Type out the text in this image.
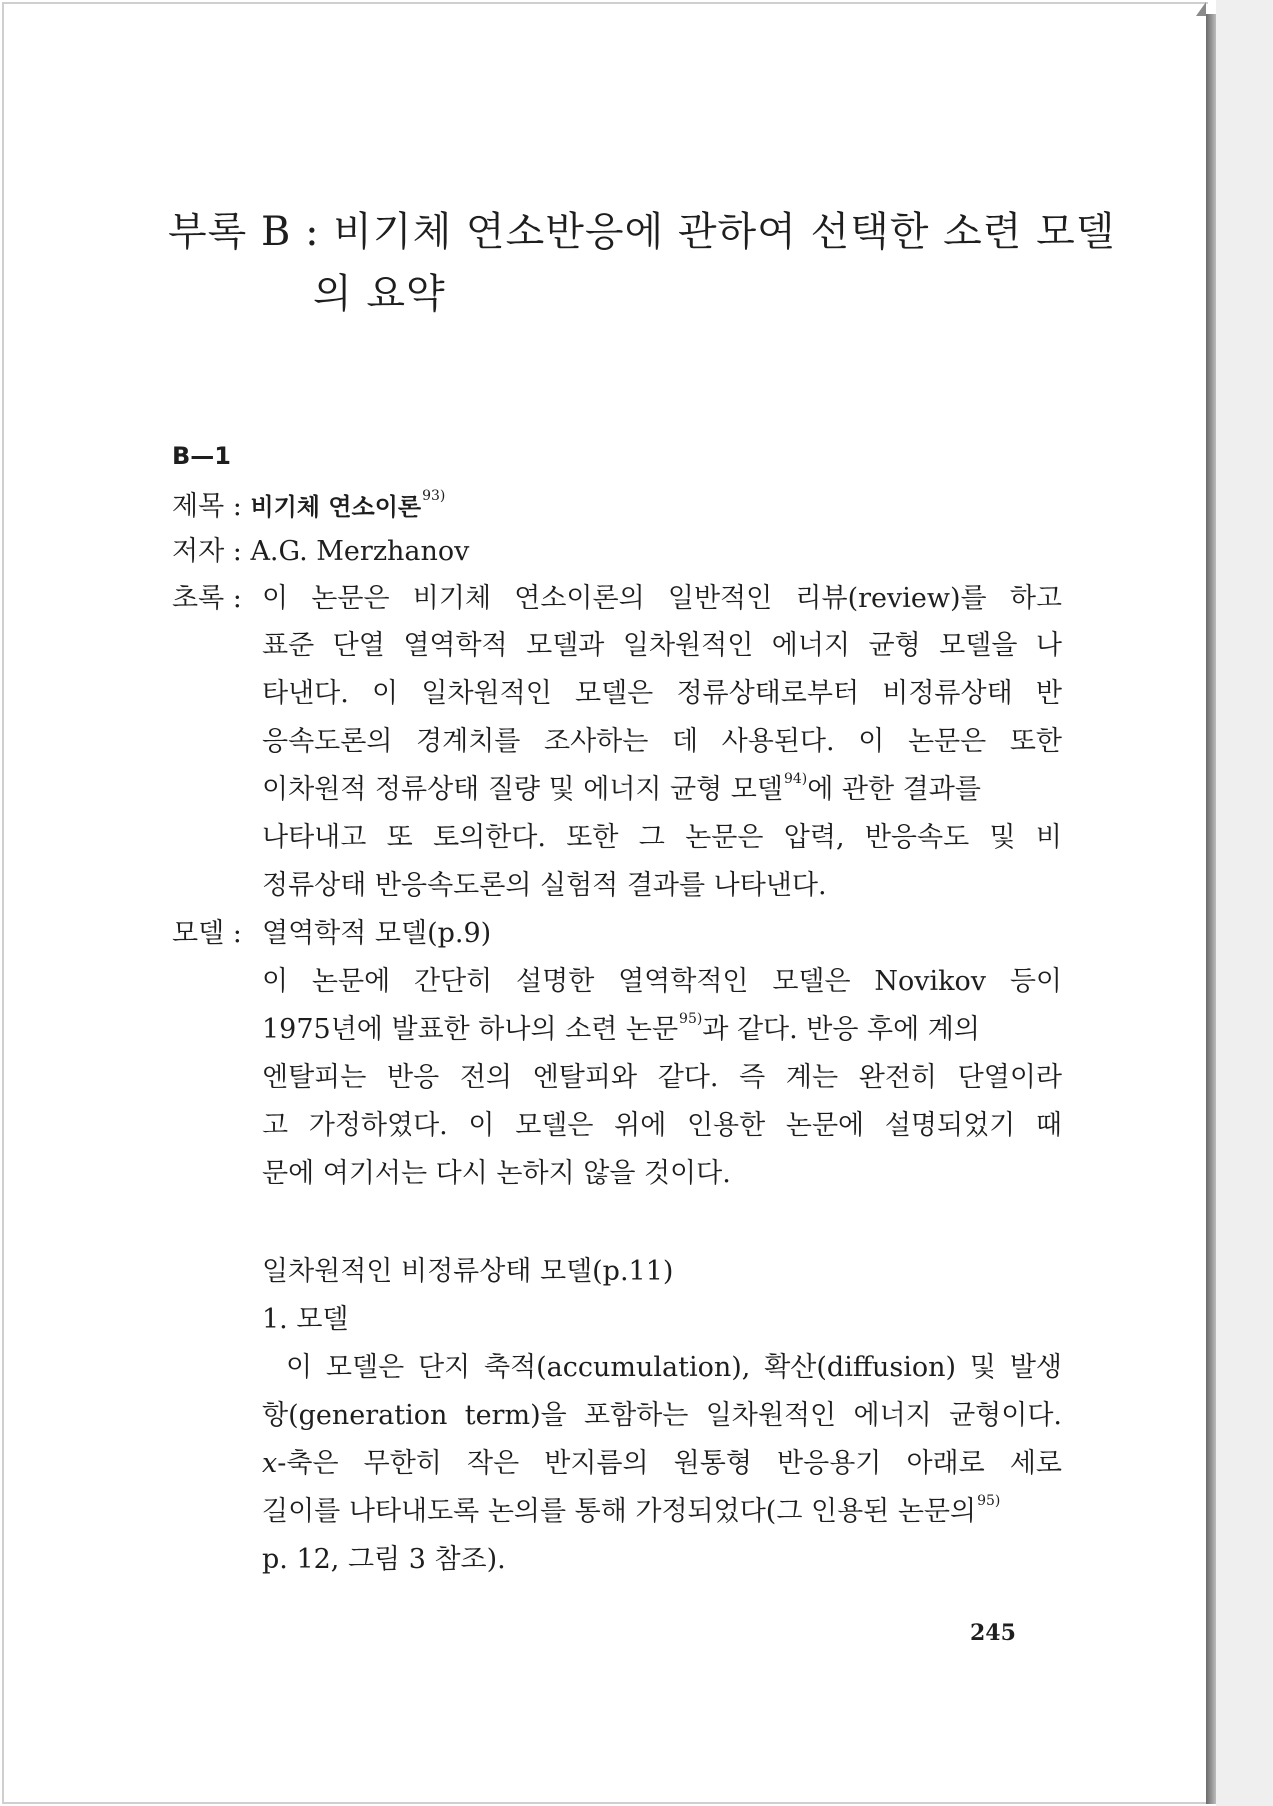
부록 B : 비기체 연소반응에 관하여 선택한 소련 모델
의 요약
B—1
제목 : 비기체 연소이론$^{93)}$
저자 : A.G. Merzhanov
초록 : 이 논문은 비기체 연소이론의 일반적인 리뷰(review)를 하고
표준 단열 열역학적 모델과 일차원적인 에너지 균형 모델을 나
타낸다. 이 일차원적인 모델은 정류상태로부터 비정류상태 반
응속도론의 경계치를 조사하는 데 사용된다. 이 논문은 또한
이차원적 정류상태 질량 및 에너지 균형 모델$^{94)}$에 관한 결과를
나타내고 또 토의한다. 또한 그 논문은 압력, 반응속도 및 비
정류상태 반응속도론의 실험적 결과를 나타낸다.
모델 : 열역학적 모델(p.9)
이 논문에 간단히 설명한 열역학적인 모델은 Novikov 등이
1975년에 발표한 하나의 소련 논문$^{95)}$과 같다. 반응 후에 계의
엔탈피는 반응 전의 엔탈피와 같다. 즉 계는 완전히 단열이라
고 가정하였다. 이 모델은 위에 인용한 논문에 설명되었기 때
문에 여기서는 다시 논하지 않을 것이다.
일차원적인 비정류상태 모델(p.11)
1. 모델
이 모델은 단지 축적(accumulation), 확산(diffusion) 및 발생
항(generation term)을 포함하는 일차원적인 에너지 균형이다.
x-축은 무한히 작은 반지름의 원통형 반응용기 아래로 세로
길이를 나타내도록 논의를 통해 가정되었다(그 인용된 논문의$^{95)}$
p. 12, 그림 3 참조).
245
